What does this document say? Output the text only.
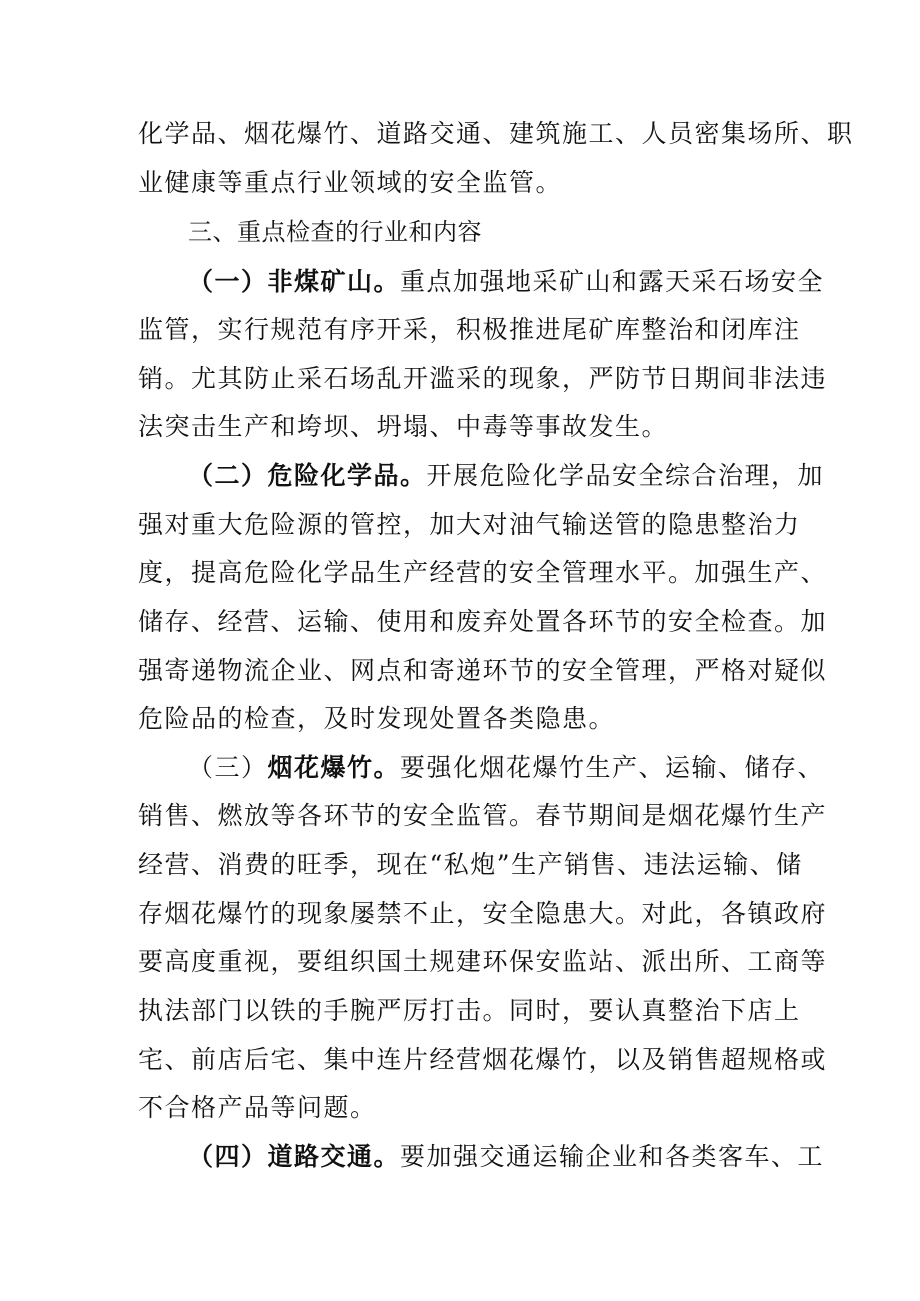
化学品、烟花爆竹、道路交通、建筑施工、人员密集场所、职
业健康等重点行业领域的安全监管。
三、重点检查的行业和内容
（一）非煤矿山。重点加强地采矿山和露天采石场安全
监管，实行规范有序开采，积极推进尾矿库整治和闭库注
销。尤其防止采石场乱开滥采的现象，严防节日期间非法违
法突击生产和垮坝、坍塌、中毒等事故发生。
（二）危险化学品。开展危险化学品安全综合治理，加
强对重大危险源的管控，加大对油气输送管的隐患整治力
度，提高危险化学品生产经营的安全管理水平。加强生产、
储存、经营、运输、使用和废弃处置各环节的安全检查。加
强寄递物流企业、网点和寄递环节的安全管理，严格对疑似
危险品的检查，及时发现处置各类隐患。
（三）烟花爆竹。要强化烟花爆竹生产、运输、储存、
销售、燃放等各环节的安全监管。春节期间是烟花爆竹生产
经营、消费的旺季，现在“私炮”生产销售、违法运输、储
存烟花爆竹的现象屡禁不止，安全隐患大。对此，各镇政府
要高度重视，要组织国土规建环保安监站、派出所、工商等
执法部门以铁的手腕严厉打击。同时，要认真整治下店上
宅、前店后宅、集中连片经营烟花爆竹，以及销售超规格或
不合格产品等问题。
（四）道路交通。要加强交通运输企业和各类客车、工
